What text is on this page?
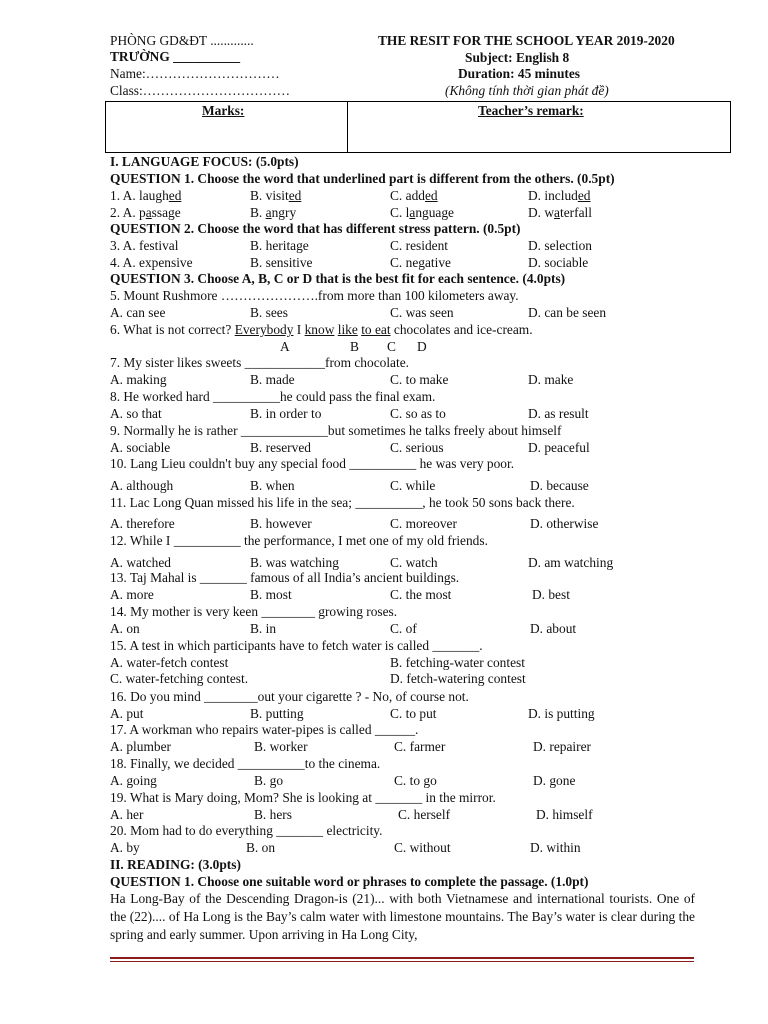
PHÒNG GD&ĐT .............
TRƯỜNG __________
Name:…………………………
Class:……………………………
THE RESIT FOR THE SCHOOL YEAR 2019-2020
Subject: English 8
Duration: 45 minutes
(Không tính thời gian phát đề)
Marks:	Teacher’s remark:
I. LANGUAGE FOCUS: (5.0pts)
QUESTION 1. Choose the word that underlined part is different from the others. (0.5pt)
1. A. laughed	B. visited	C. added	D. included
2. A. passage	B. angry	C. language	D. waterfall
QUESTION 2. Choose the word that has different stress pattern. (0.5pt)
3. A. festival	B. heritage	C. resident	D. selection
4. A. expensive	B. sensitive	C. negative	D. sociable
QUESTION 3. Choose A, B, C or D that is the best fit for each sentence. (4.0pts)
5. Mount Rushmore ………………….from more than 100 kilometers away.
A. can see	B. sees	C. was seen	D. can be seen
6. What is not correct? Everybody I know like to eat chocolates and ice-cream.
A	B C D
7. My sister likes sweets ____________from chocolate.
A. making	B. made	C. to make	D. make
8. He worked hard __________he could pass the final exam.
A. so that	B. in order to	C. so as to	D. as result
9. Normally he is rather _____________but sometimes he talks freely about himself
A. sociable	B. reserved	C. serious	D. peaceful
10. Lang Lieu couldn't buy any special food __________ he was very poor.
A. although	B. when	C. while	D. because
11. Lac Long Quan missed his life in the sea; __________, he took 50 sons back there.
A. therefore	B. however	C. moreover	D. otherwise
12. While I __________ the performance, I met one of my old friends.
A. watched	B. was watching	C. watch	D. am watching
13. Taj Mahal is _______ famous of all India’s ancient buildings.
A. more	B. most	C. the most	D. best
14. My mother is very keen ________ growing roses.
A. on	B. in	C. of	D. about
15. A test in which participants have to fetch water is called _______.
A. water-fetch contest	B. fetching-water contest
C. water-fetching contest.	D. fetch-watering contest
16. Do you mind ________out your cigarette ? - No, of course not.
A. put	B. putting	C. to put	D. is putting
17. A workman who repairs water-pipes is called ______.
A. plumber	B. worker	C. farmer	D. repairer
18. Finally, we decided __________to the cinema.
A. going	B. go	C. to go	D. gone
19. What is Mary doing, Mom? She is looking at _______ in the mirror.
A. her	B. hers	C. herself	D. himself
20. Mom had to do everything _______ electricity.
A. by	B. on	C. without	D. within
II. READING: (3.0pts)
QUESTION 1. Choose one suitable word or phrases to complete the passage. (1.0pt)
Ha Long-Bay of the Descending Dragon-is (21)... with both Vietnamese and international tourists. One of the (22).... of Ha Long is the Bay’s calm water with limestone mountains. The Bay’s water is clear during the spring and early summer. Upon arriving in Ha Long City,
